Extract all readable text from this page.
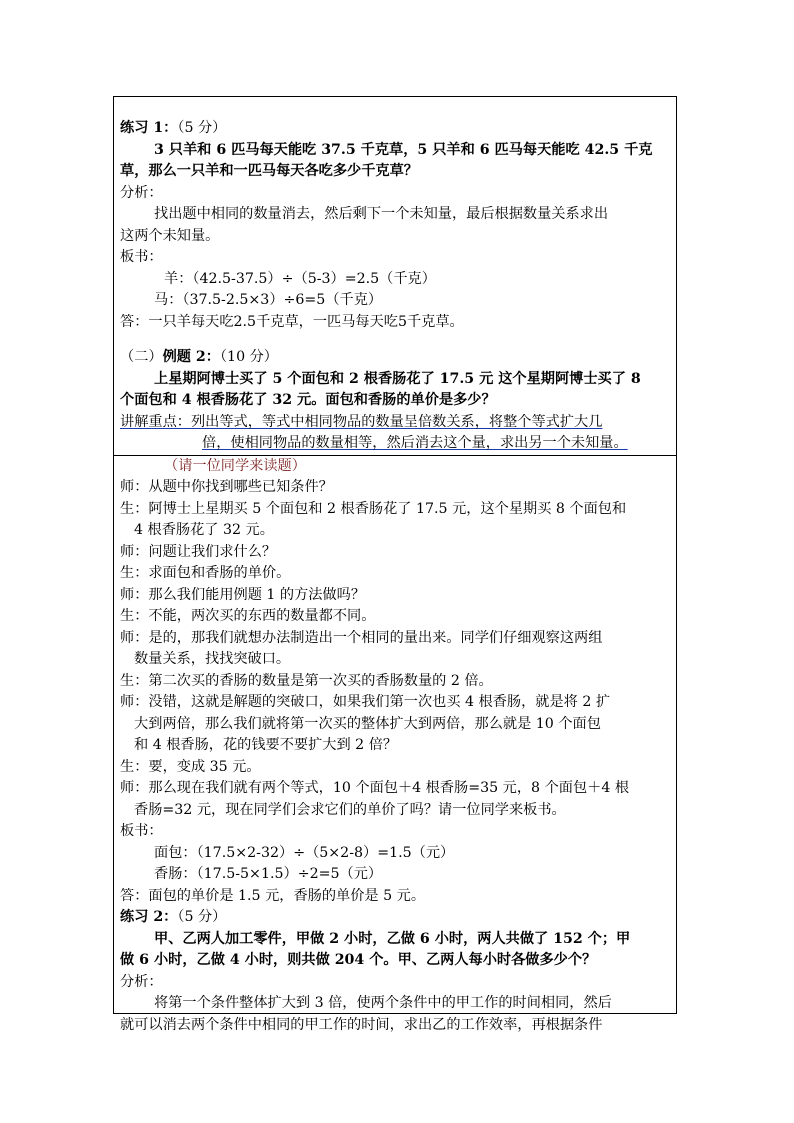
练习 1：（5 分）
3 只羊和 6 匹马每天能吃 37.5 千克草，5 只羊和 6 匹马每天能吃 42.5 千克
草，那么一只羊和一匹马每天各吃多少千克草？
分析：
找出题中相同的数量消去，然后剩下一个未知量，最后根据数量关系求出
这两个未知量。
板书：
羊：（42.5-37.5）÷（5-3）=2.5（千克）
马：（37.5-2.5×3）÷6=5（千克）
答：一只羊每天吃2.5千克草，一匹马每天吃5千克草。
（二）例题 2：（10 分）
上星期阿博士买了 5 个面包和 2 根香肠花了 17.5 元 这个星期阿博士买了 8
个面包和 4 根香肠花了 32 元。面包和香肠的单价是多少？
讲解重点：列出等式，等式中相同物品的数量呈倍数关系，将整个等式扩大几
倍，使相同物品的数量相等，然后消去这个量，求出另一个未知量。
（请一位同学来读题）
师：从题中你找到哪些已知条件？
生：阿博士上星期买 5 个面包和 2 根香肠花了 17.5 元，这个星期买 8 个面包和
4 根香肠花了 32 元。
师：问题让我们求什么？
生：求面包和香肠的单价。
师：那么我们能用例题 1 的方法做吗？
生：不能，两次买的东西的数量都不同。
师：是的，那我们就想办法制造出一个相同的量出来。同学们仔细观察这两组
数量关系，找找突破口。
生：第二次买的香肠的数量是第一次买的香肠数量的 2 倍。
师：没错，这就是解题的突破口，如果我们第一次也买 4 根香肠，就是将 2 扩
大到两倍，那么我们就将第一次买的整体扩大到两倍，那么就是 10 个面包
和 4 根香肠，花的钱要不要扩大到 2 倍？
生：要，变成 35 元。
师：那么现在我们就有两个等式，10 个面包＋4 根香肠=35 元，8 个面包＋4 根
香肠=32 元，现在同学们会求它们的单价了吗？请一位同学来板书。
板书：
面包：（17.5×2-32）÷（5×2-8）=1.5（元）
香肠：（17.5-5×1.5）÷2=5（元）
答：面包的单价是 1.5 元，香肠的单价是 5 元。
练习 2：（5 分）
甲、乙两人加工零件，甲做 2 小时，乙做 6 小时，两人共做了 152 个；甲
做 6 小时，乙做 4 小时，则共做 204 个。甲、乙两人每小时各做多少个？
分析：
将第一个条件整体扩大到 3 倍，使两个条件中的甲工作的时间相同，然后
就可以消去两个条件中相同的甲工作的时间，求出乙的工作效率，再根据条件
